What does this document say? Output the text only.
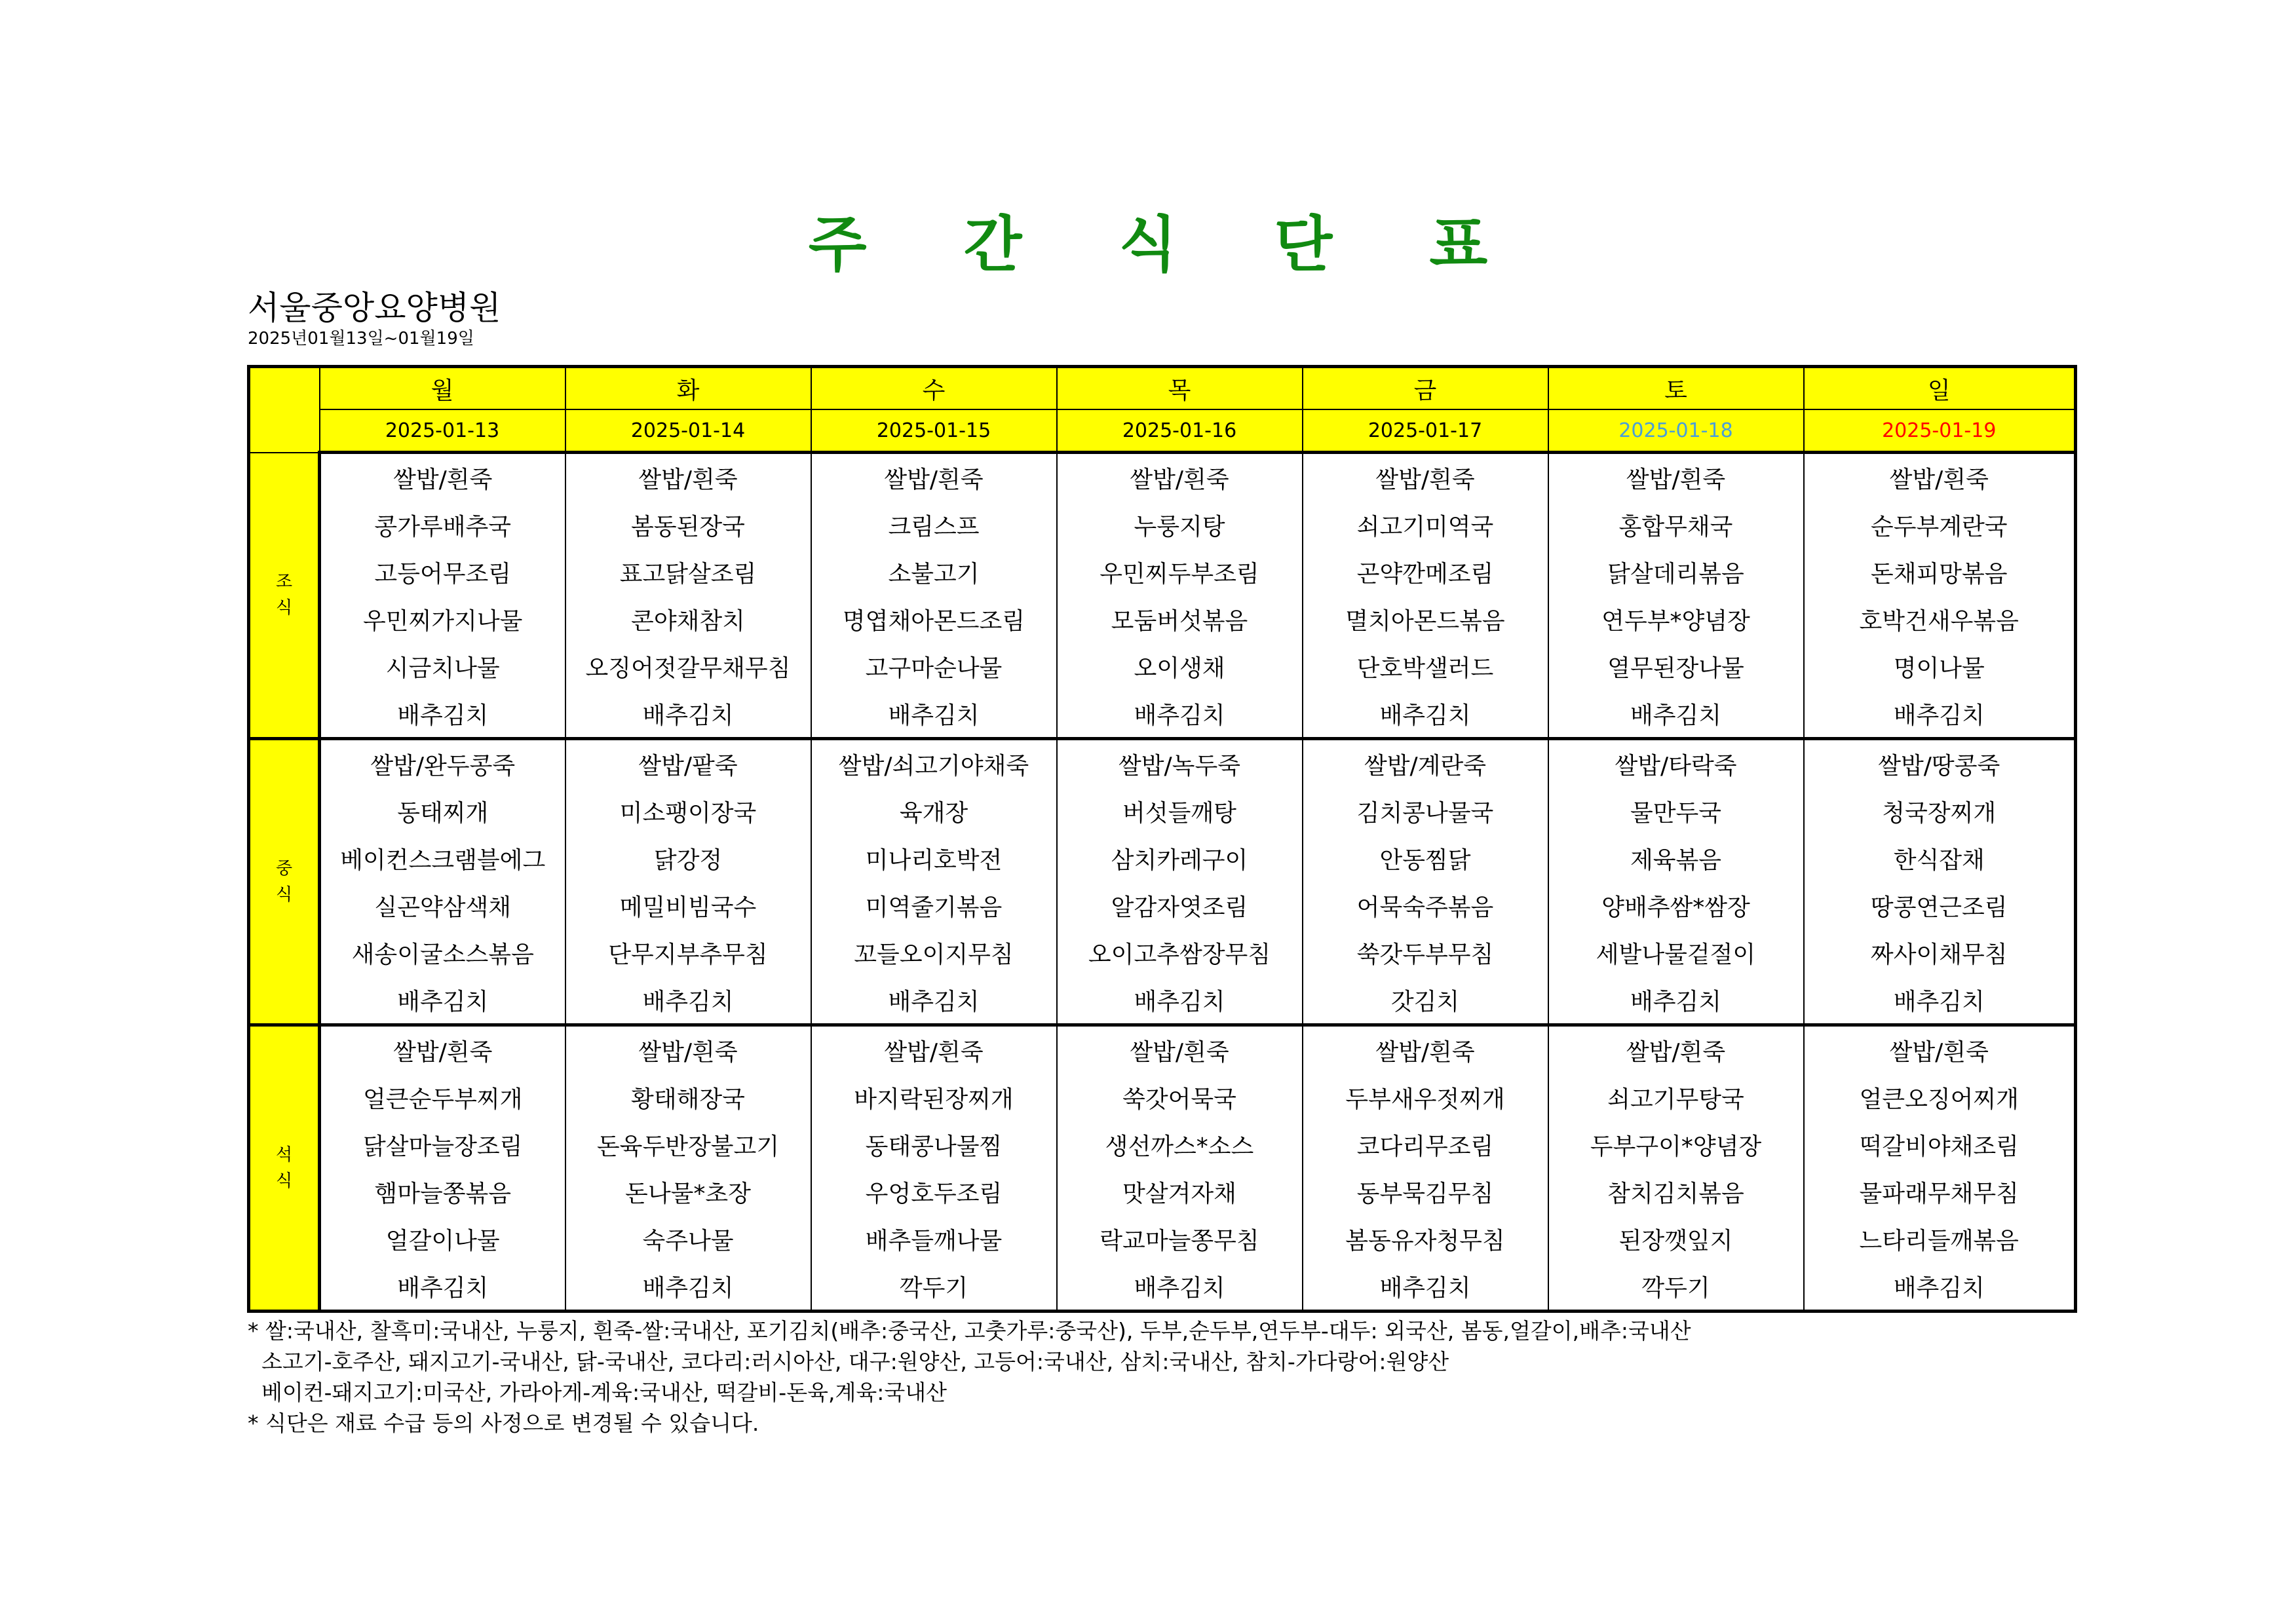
주 간 식 단 표
서울중앙요양병원
2025년01월13일~01월19일
	월	화	수	목	금	토	일
	2025-01-13	2025-01-14	2025-01-15	2025-01-16	2025-01-17	2025-01-18	2025-01-19

조
식	쌀밥/흰죽	쌀밥/흰죽	쌀밥/흰죽	쌀밥/흰죽	쌀밥/흰죽	쌀밥/흰죽	쌀밥/흰죽
	콩가루배추국	봄동된장국	크림스프	누룽지탕	쇠고기미역국	홍합무채국	순두부계란국
	고등어무조림	표고닭살조림	소불고기	우민찌두부조림	곤약깐메조림	닭살데리볶음	돈채피망볶음
	우민찌가지나물	콘야채참치	명엽채아몬드조림	모둠버섯볶음	멸치아몬드볶음	연두부*양념장	호박건새우볶음
	시금치나물	오징어젓갈무채무침	고구마순나물	오이생채	단호박샐러드	열무된장나물	명이나물
	배추김치	배추김치	배추김치	배추김치	배추김치	배추김치	배추김치

중
식	쌀밥/완두콩죽	쌀밥/팥죽	쌀밥/쇠고기야채죽	쌀밥/녹두죽	쌀밥/계란죽	쌀밥/타락죽	쌀밥/땅콩죽
	동태찌개	미소팽이장국	육개장	버섯들깨탕	김치콩나물국	물만두국	청국장찌개
	베이컨스크램블에그	닭강정	미나리호박전	삼치카레구이	안동찜닭	제육볶음	한식잡채
	실곤약삼색채	메밀비빔국수	미역줄기볶음	알감자엿조림	어묵숙주볶음	양배추쌈*쌈장	땅콩연근조림
	새송이굴소스볶음	단무지부추무침	꼬들오이지무침	오이고추쌈장무침	쑥갓두부무침	세발나물겉절이	짜사이채무침
	배추김치	배추김치	배추김치	배추김치	갓김치	배추김치	배추김치

석
식	쌀밥/흰죽	쌀밥/흰죽	쌀밥/흰죽	쌀밥/흰죽	쌀밥/흰죽	쌀밥/흰죽	쌀밥/흰죽
	얼큰순두부찌개	황태해장국	바지락된장찌개	쑥갓어묵국	두부새우젓찌개	쇠고기무탕국	얼큰오징어찌개
	닭살마늘장조림	돈육두반장불고기	동태콩나물찜	생선까스*소스	코다리무조림	두부구이*양념장	떡갈비야채조림
	햄마늘쫑볶음	돈나물*초장	우엉호두조림	맛살겨자채	동부묵김무침	참치김치볶음	물파래무채무침
	얼갈이나물	숙주나물	배추들깨나물	락교마늘쫑무침	봄동유자청무침	된장깻잎지	느타리들깨볶음
	배추김치	배추김치	깍두기	배추김치	배추김치	깍두기	배추김치
* 쌀:국내산, 찰흑미:국내산, 누룽지, 흰죽-쌀:국내산, 포기김치(배추:중국산, 고춧가루:중국산), 두부,순두부,연두부-대두: 외국산, 봄동,얼갈이,배추:국내산
소고기-호주산, 돼지고기-국내산, 닭-국내산, 코다리:러시아산, 대구:원양산, 고등어:국내산, 삼치:국내산, 참치-가다랑어:원양산
베이컨-돼지고기:미국산, 가라아게-계육:국내산, 떡갈비-돈육,계육:국내산
* 식단은 재료 수급 등의 사정으로 변경될 수 있습니다.
